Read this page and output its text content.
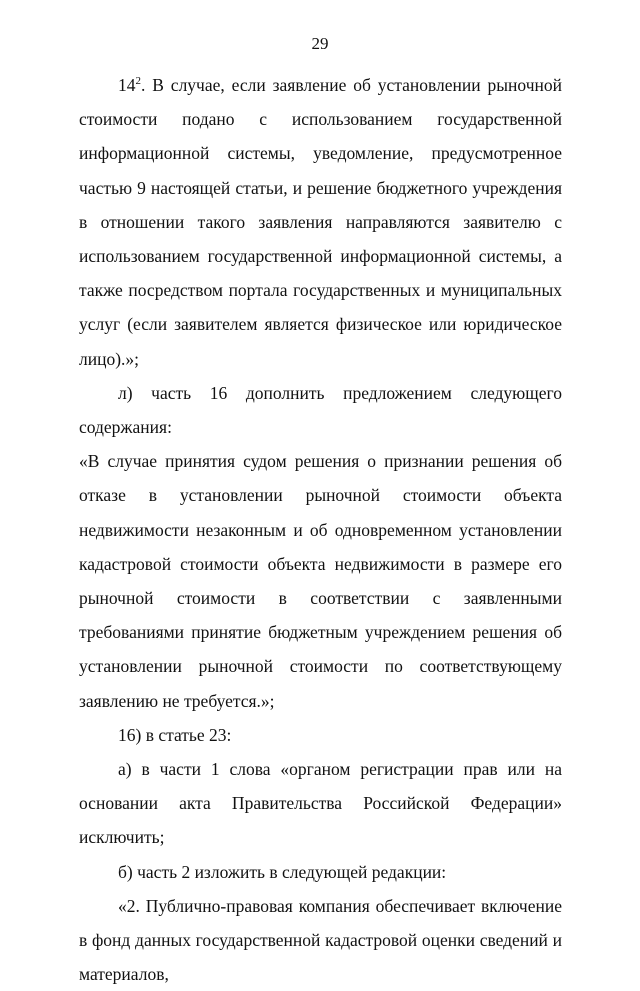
29

$14^2$. В случае, если заявление об установлении рыночной стоимости подано с использованием государственной информационной системы, уведомление, предусмотренное частью 9 настоящей статьи, и решение бюджетного учреждения в отношении такого заявления направляются заявителю с использованием государственной информационной системы, а также посредством портала государственных и муниципальных услуг (если заявителем является физическое или юридическое лицо).»;

л) часть 16 дополнить предложением следующего содержания:

«В случае принятия судом решения о признании решения об отказе в установлении рыночной стоимости объекта недвижимости незаконным и об одновременном установлении кадастровой стоимости объекта недвижимости в размере его рыночной стоимости в соответствии с заявленными требованиями принятие бюджетным учреждением решения об установлении рыночной стоимости по соответствующему заявлению не требуется.»;

16) в статье 23:

а) в части 1 слова «органом регистрации прав или на основании акта Правительства Российской Федерации» исключить;

б) часть 2 изложить в следующей редакции:

«2. Публично-правовая компания обеспечивает включение в фонд данных государственной кадастровой оценки сведений и материалов,
